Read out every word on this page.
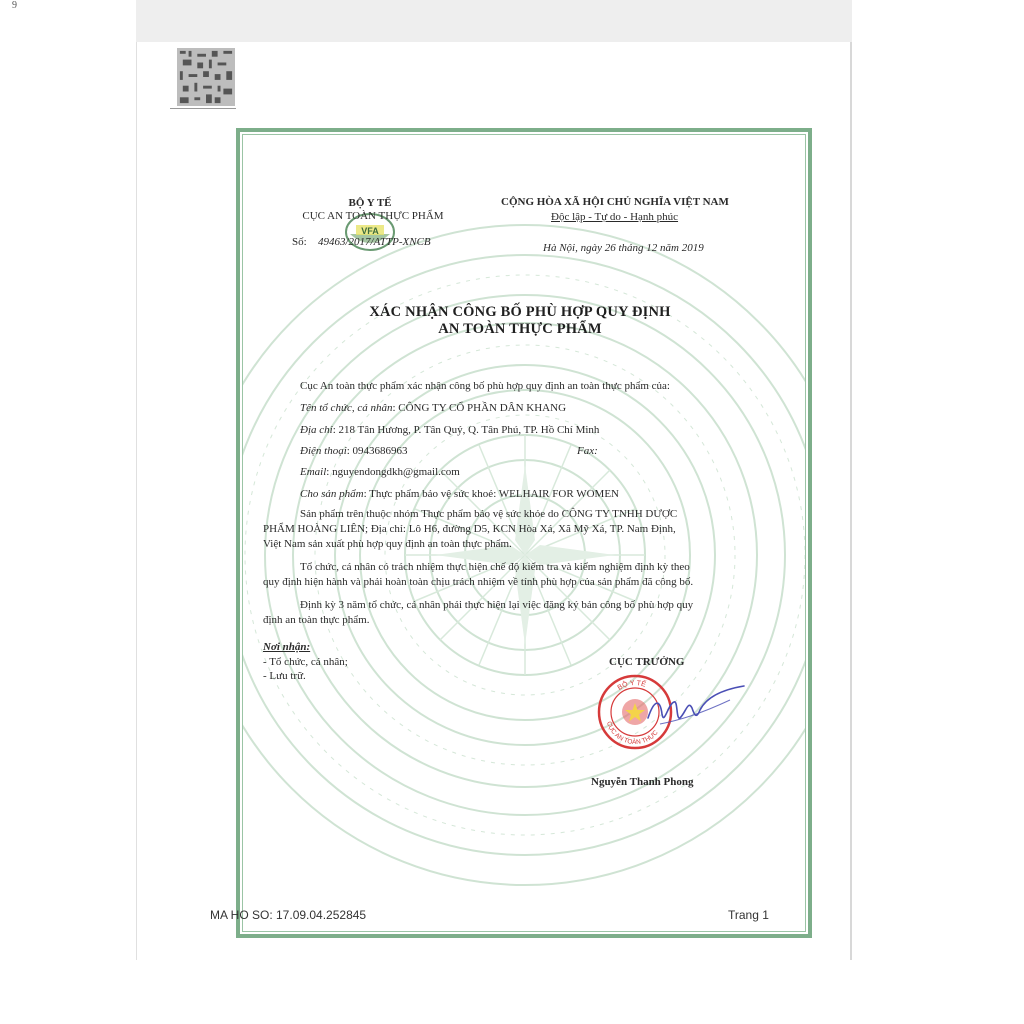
9
VFA
BỘ Y TẾ
CỤC AN TOÀN THỰC PHẨM
Số: 49463/2017/ATTP-XNCB
CỘNG HÒA XÃ HỘI CHỦ NGHĨA VIỆT NAM
Độc lập - Tự do - Hạnh phúc
Hà Nội, ngày 26 tháng 12 năm 2019
XÁC NHẬN CÔNG BỐ PHÙ HỢP QUY ĐỊNH
AN TOÀN THỰC PHẨM
Cục An toàn thực phẩm xác nhận công bố phù hợp quy định an toàn thực phẩm của:
Tên tổ chức, cá nhân: CÔNG TY CỔ PHẦN DÂN KHANG
Địa chỉ: 218 Tân Hương, P. Tân Quý, Q. Tân Phú, TP. Hồ Chí Minh
Điện thoại: 0943686963	Fax:
Email: nguyendongdkh@gmail.com
Cho sản phẩm: Thực phẩm bảo vệ sức khoẻ: WELHAIR FOR WOMEN
Sản phẩm trên thuộc nhóm Thực phẩm bảo vệ sức khỏe do CÔNG TY TNHH DƯỢC
PHẨM HOÀNG LIÊN; Địa chỉ: Lô H6, đường D5, KCN Hòa Xá, Xã Mỹ Xá, TP. Nam Định,
Việt Nam sản xuất phù hợp quy định an toàn thực phẩm.
Tổ chức, cá nhân có trách nhiệm thực hiện chế độ kiểm tra và kiểm nghiệm định kỳ theo
quy định hiện hành và phải hoàn toàn chịu trách nhiệm về tính phù hợp của sản phẩm đã công bố.
Định kỳ 3 năm tổ chức, cá nhân phải thực hiện lại việc đăng ký bản công bố phù hợp quy
định an toàn thực phẩm.
Nơi nhận:
- Tổ chức, cá nhân;
- Lưu trữ.
CỤC TRƯỞNG
BỘ Y TẾ
CỤC AN TOÀN THỰC
Nguyễn Thanh Phong
MA HO SO: 17.09.04.252845	Trang 1
